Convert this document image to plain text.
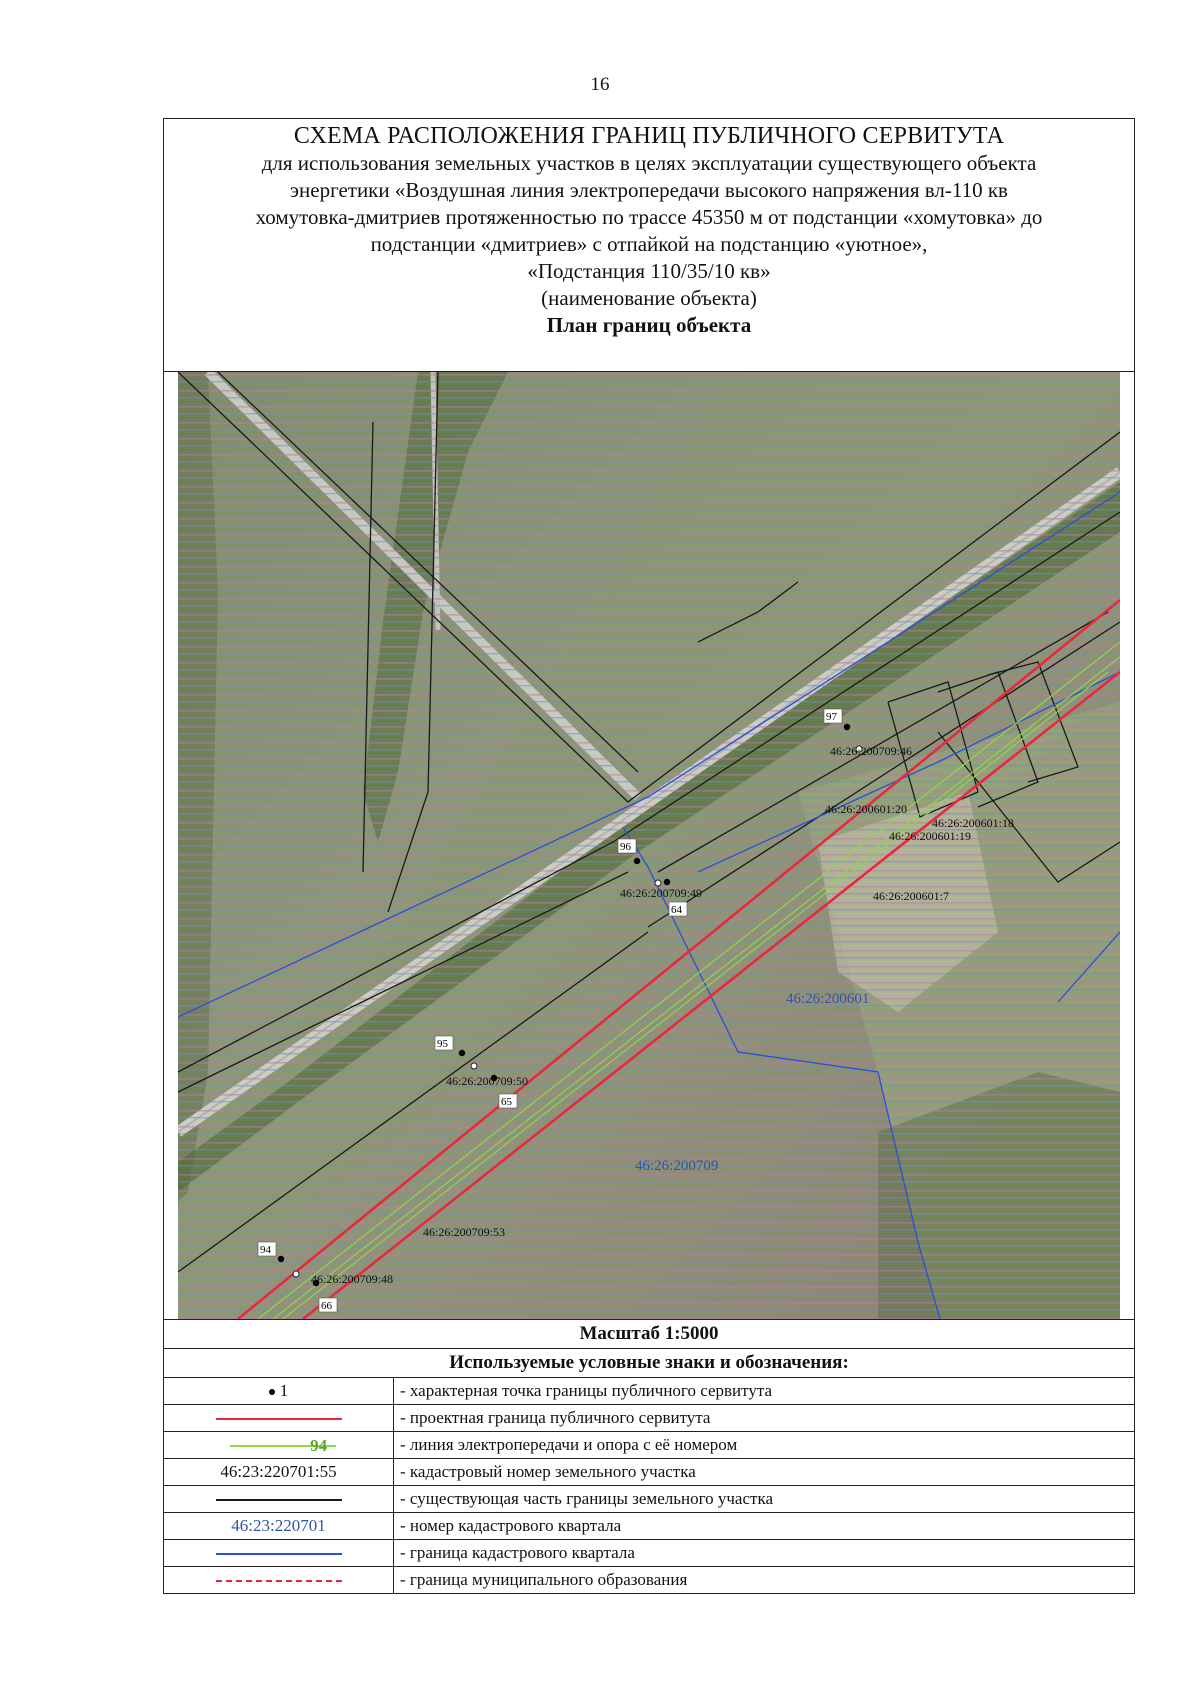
16
СХЕМА РАСПОЛОЖЕНИЯ ГРАНИЦ ПУБЛИЧНОГО СЕРВИТУТА
для использования земельных участков в целях эксплуатации существующего объекта
энергетики «Воздушная линия электропередачи высокого напряжения вл-110 кв
хомутовка-дмитриев протяженностью по трассе 45350 м от подстанции «хомутовка» до
подстанции «дмитриев» с отпайкой на подстанцию «уютное»,
«Подстанция 110/35/10 кв»
(наименование объекта)
План границ объекта
97
96
64
95
65
94
66
46:26:200709:46
46:26:200601:20
46:26:200601:18
46:26:200601:19
46:26:200709:49	46:26:200601:7
46:26:200709:50
46:26:200709:53
46:26:200709:48
46:26:200601
46:26:200709
Масштаб 1:5000	
Используемые условные знаки и обозначения:	
1	- характерная точка границы публичного сервитута
	- проектная граница публичного сервитута
94	- линия электропередачи и опора с её номером
46:23:220701:55	- кадастровый номер земельного участка
	- существующая часть границы земельного участка
46:23:220701	- номер кадастрового квартала
	- граница кадастрового квартала
	- граница муниципального образования
